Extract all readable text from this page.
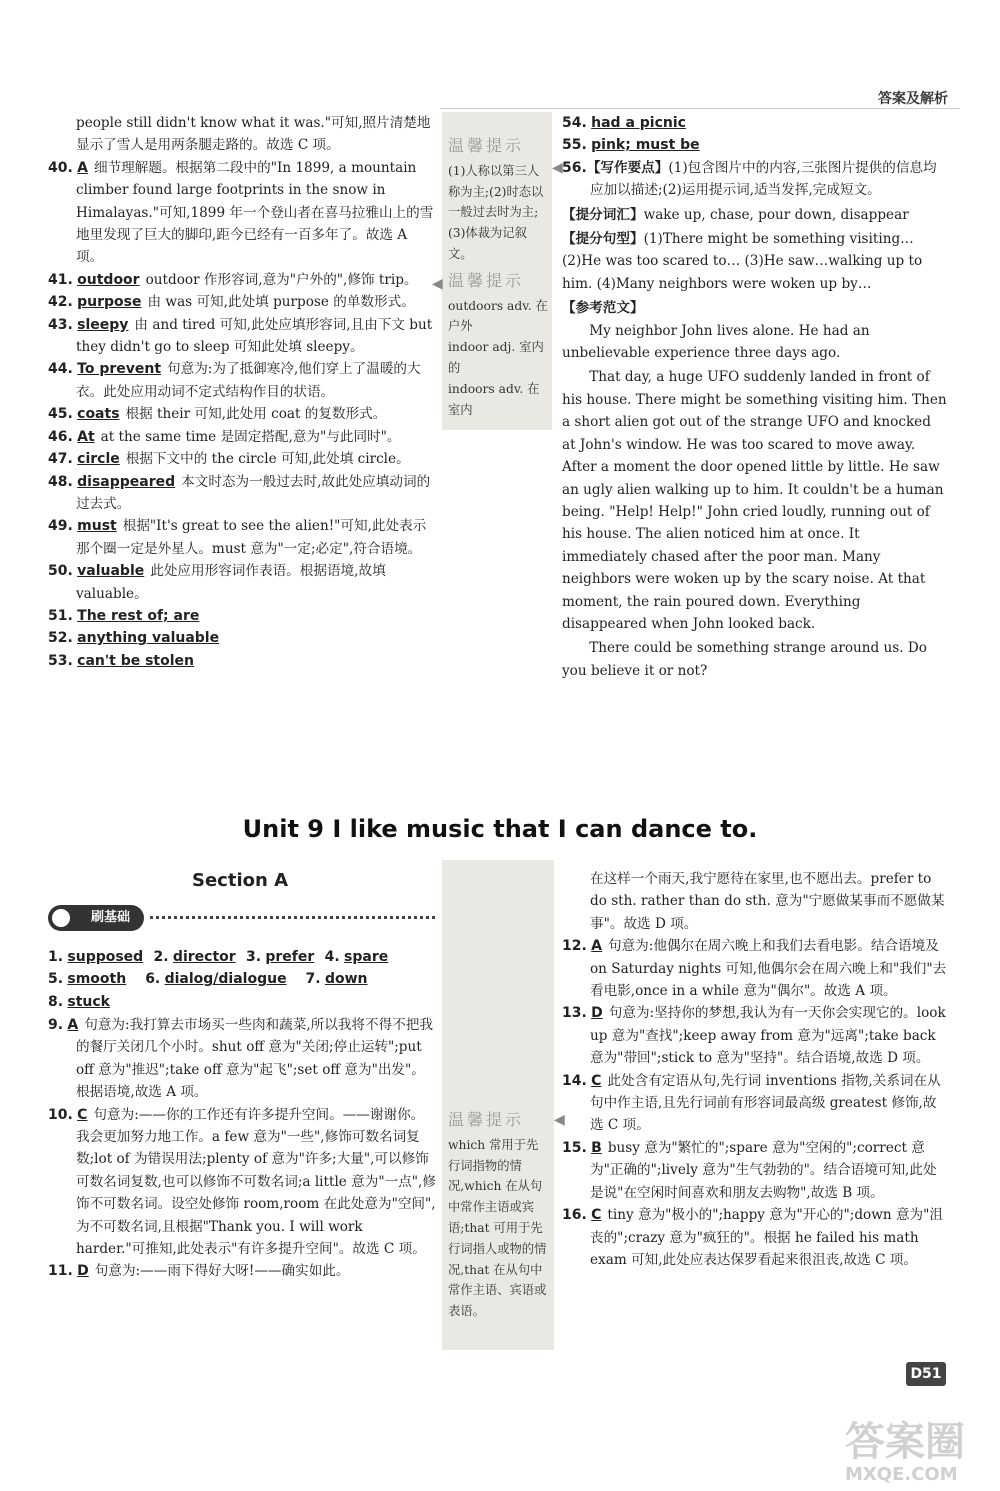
答案及解析

people still didn't know what it was."可知,照片清楚地显示了雪人是用两条腿走路的。故选 C 项。

40. A 细节理解题。根据第二段中的"In 1899, a mountain climber found large footprints in the snow in Himalayas."可知,1899 年一个登山者在喜马拉雅山上的雪地里发现了巨大的脚印,距今已经有一百多年了。故选 A 项。

41. outdoor outdoor 作形容词,意为"户外的",修饰 trip。

42. purpose 由 was 可知,此处填 purpose 的单数形式。

43. sleepy 由 and tired 可知,此处应填形容词,且由下文 but they didn't go to sleep 可知此处填 sleepy。

44. To prevent 句意为:为了抵御寒冷,他们穿上了温暖的大衣。此处应用动词不定式结构作目的状语。

45. coats 根据 their 可知,此处用 coat 的复数形式。

46. At at the same time 是固定搭配,意为"与此同时"。

47. circle 根据下文中的 the circle 可知,此处填 circle。

48. disappeared 本文时态为一般过去时,故此处应填动词的过去式。

49. must 根据"It's great to see the alien!"可知,此处表示那个圈一定是外星人。must 意为"一定;必定",符合语境。

50. valuable 此处应用形容词作表语。根据语境,故填 valuable。

51. The rest of; are

52. anything valuable

53. can't be stolen

温馨提示
(1)人称以第三人称为主;(2)时态以一般过去时为主;(3)体裁为记叙文。
温馨提示
outdoors adv. 在户外
indoor adj. 室内的
indoors adv. 在室内
◀
◀

54. had a picnic

55. pink; must be

56.【写作要点】(1)包含图片中的内容,三张图片提供的信息均应加以描述;(2)运用提示词,适当发挥,完成短文。

【提分词汇】wake up, chase, pour down, disappear

【提分句型】(1)There might be something visiting… (2)He was too scared to… (3)He saw…walking up to him. (4)Many neighbors were woken up by…

【参考范文】

My neighbor John lives alone. He had an unbelievable experience three days ago.

That day, a huge UFO suddenly landed in front of his house. There might be something visiting him. Then a short alien got out of the strange UFO and knocked at John's window. He was too scared to move away. After a moment the door opened little by little. He saw an ugly alien walking up to him. It couldn't be a human being. "Help! Help!" John cried loudly, running out of his house. The alien noticed him at once. It immediately chased after the poor man. Many neighbors were woken up by the scary noise. At that moment, the rain poured down. Everything disappeared when John looked back.

There could be something strange around us. Do you believe it or not?

Unit 9 I like music that I can dance to.
Section A
刷基础

1. supposed 2. director 3. prefer 4. spare

5. smooth 6. dialog/dialogue 7. down

8. stuck

9. A 句意为:我打算去市场买一些肉和蔬菜,所以我将不得不把我的餐厅关闭几个小时。shut off 意为"关闭;停止运转";put off 意为"推迟";take off 意为"起飞";set off 意为"出发"。根据语境,故选 A 项。

10. C 句意为:——你的工作还有许多提升空间。——谢谢你。我会更加努力地工作。a few 意为"一些",修饰可数名词复数;lot of 为错误用法;plenty of 意为"许多;大量",可以修饰可数名词复数,也可以修饰不可数名词;a little 意为"一点",修饰不可数名词。设空处修饰 room,room 在此处意为"空间",为不可数名词,且根据"Thank you. I will work harder."可推知,此处表示"有许多提升空间"。故选 C 项。

11. D 句意为:——雨下得好大呀!——确实如此。

温馨提示
which 常用于先行词指物的情况,which 在从句中常作主语或宾语;that 可用于先行词指人或物的情况,that 在从句中常作主语、宾语或表语。
◀

在这样一个雨天,我宁愿待在家里,也不愿出去。prefer to do sth. rather than do sth. 意为"宁愿做某事而不愿做某事"。故选 D 项。

12. A 句意为:他偶尔在周六晚上和我们去看电影。结合语境及 on Saturday nights 可知,他偶尔会在周六晚上和"我们"去看电影,once in a while 意为"偶尔"。故选 A 项。

13. D 句意为:坚持你的梦想,我认为有一天你会实现它的。look up 意为"查找";keep away from 意为"远离";take back 意为"带回";stick to 意为"坚持"。结合语境,故选 D 项。

14. C 此处含有定语从句,先行词 inventions 指物,关系词在从句中作主语,且先行词前有形容词最高级 greatest 修饰,故选 C 项。

15. B busy 意为"繁忙的";spare 意为"空闲的";correct 意为"正确的";lively 意为"生气勃勃的"。结合语境可知,此处是说"在空闲时间喜欢和朋友去购物",故选 B 项。

16. C tiny 意为"极小的";happy 意为"开心的";down 意为"沮丧的";crazy 意为"疯狂的"。根据 he failed his math exam 可知,此处应表达保罗看起来很沮丧,故选 C 项。

D51
答案圈
MXQE.COM
